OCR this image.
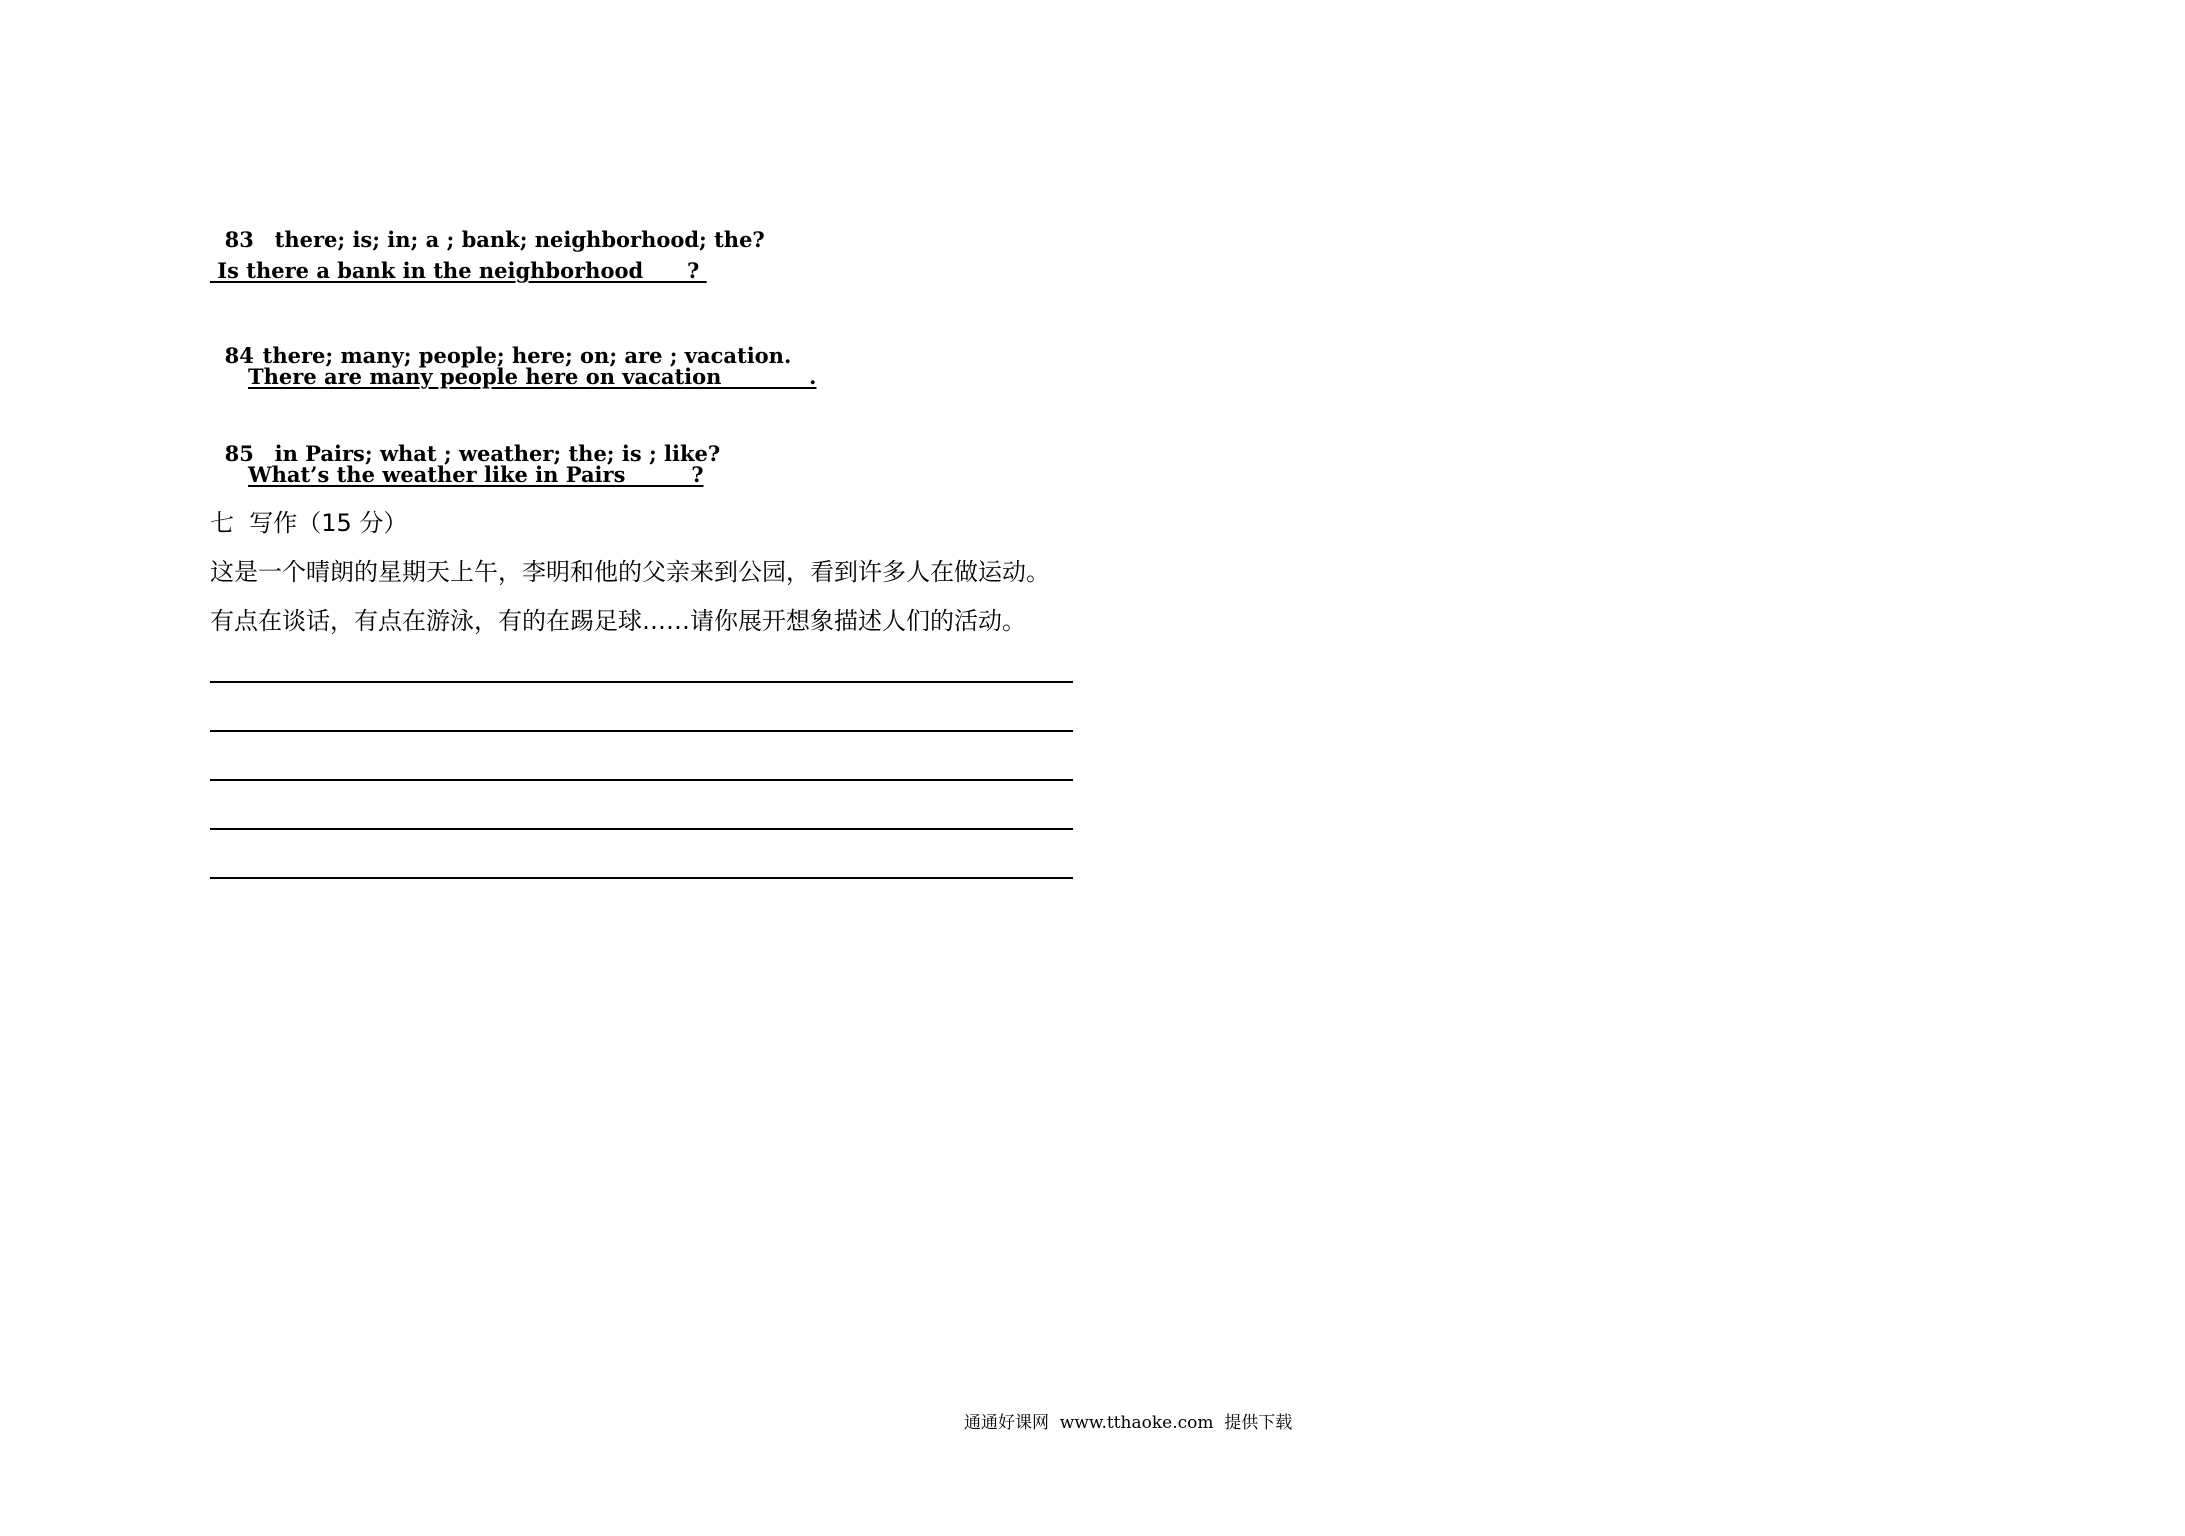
83 there; is; in; a ; bank; neighborhood; the?

Is there a bank in the neighborhood      ?

84 there; many; people; here; on; are ; vacation.

There are many people here on vacation            .

85 in Pairs; what ; weather; the; is ; like?

What’s the weather like in Pairs         ?
七  写作（15 分）
这是一个晴朗的星期天上午，李明和他的父亲来到公园，看到许多人在做运动。
有点在谈话，有点在游泳，有的在踢足球……请你展开想象描述人们的活动。
通通好课网  www.tthaoke.com  提供下载
